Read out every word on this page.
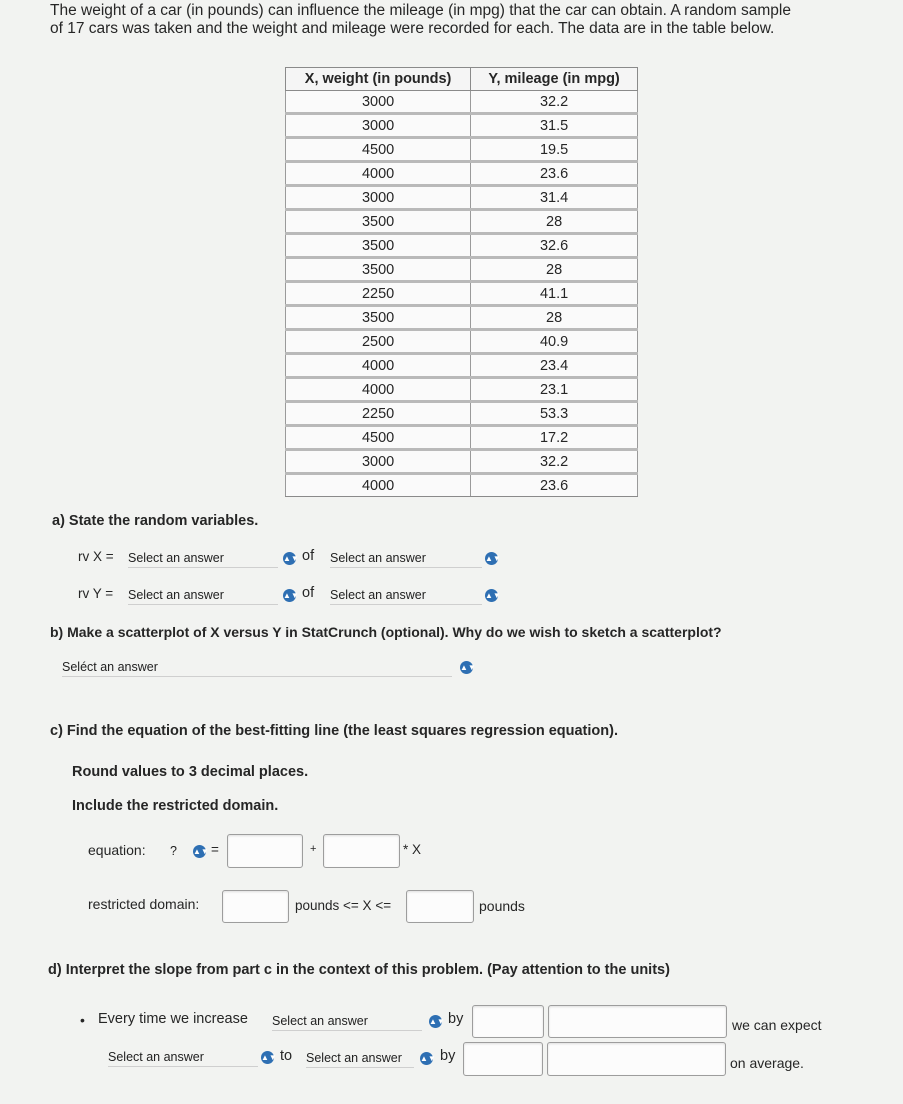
The weight of a car (in pounds) can influence the mileage (in mpg) that the car can obtain. A random sample
of 17 cars was taken and the weight and mileage were recorded for each. The data are in the table below.
X, weight (in pounds)	Y, mileage (in mpg)
3000	32.2
3000	31.5
4500	19.5
4000	23.6
3000	31.4
3500	28
3500	32.6
3500	28
2250	41.1
3500	28
2500	40.9
4000	23.4
4000	23.1
2250	53.3
4500	17.2
3000	32.2
4000	23.6
a) State the random variables.
rv X = Select an answer	▲▼ of Select an answer	▲▼
rv Y = Select an answer	▲▼ of Select an answer	▲▼
b) Make a scatterplot of X versus Y in StatCrunch (optional). Why do we wish to sketch a scatterplot?
Seléct an answer	▲▼
c) Find the equation of the best-fitting line (the least squares regression equation).
Round values to 3 decimal places.
Include the restricted domain.
equation: ?	▲▼ =	+	* X
restricted domain:	pounds <= X <=	pounds
d) Interpret the slope from part c in the context of this problem. (Pay attention to the units)
• Every time we increase Select an answer	▲▼ by	we can expect
Select an answer	▲▼ to Select an answer	▲▼ by	on average.
